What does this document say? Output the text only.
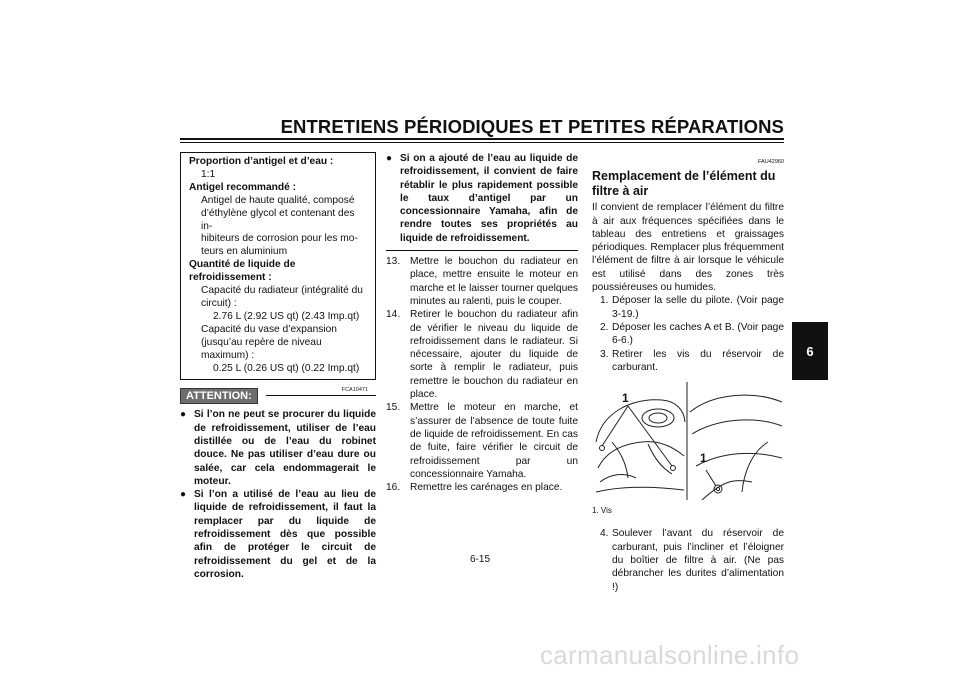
ENTRETIENS PÉRIODIQUES ET PETITES RÉPARATIONS
6
Proportion d’antigel et d’eau :
1:1
Antigel recommandé :
Antigel de haute qualité, composé
d’éthylène glycol et contenant des in-
hibiteurs de corrosion pour les mo-
teurs en aluminium
Quantité de liquide de
refroidissement :
Capacité du radiateur (intégralité du
circuit) :
2.76 L (2.92 US qt) (2.43 Imp.qt)
Capacité du vase d’expansion
(jusqu’au repère de niveau
maximum) :
0.25 L (0.26 US qt) (0.22 Imp.qt)
FCA10471
ATTENTION:
● Si l’on ne peut se procurer du liquide de refroidissement, utiliser de l’eau distillée ou de l’eau du robinet douce. Ne pas utiliser d’eau dure ou salée, car cela endommagerait le moteur.
● Si l’on a utilisé de l’eau au lieu de liquide de refroidissement, il faut la remplacer par du liquide de refroidissement dès que possible afin de protéger le circuit de refroidissement du gel et de la corrosion.
● Si on a ajouté de l’eau au liquide de refroidissement, il convient de faire rétablir le plus rapidement possible le taux d’antigel par un concessionnaire Yamaha, afin de rendre toutes ses propriétés au liquide de refroidissement.
13. Mettre le bouchon du radiateur en place, mettre ensuite le moteur en marche et le laisser tourner quelques minutes au ralenti, puis le couper.
14. Retirer le bouchon du radiateur afin de vérifier le niveau du liquide de refroidissement dans le radiateur. Si nécessaire, ajouter du liquide de sorte à remplir le radiateur, puis remettre le bouchon du radiateur en place.
15. Mettre le moteur en marche, et s’assurer de l’absence de toute fuite de liquide de refroidissement. En cas de fuite, faire vérifier le circuit de refroidissement par un concessionnaire Yamaha.
16. Remettre les carénages en place.
FAU42960
Remplacement de l’élément du filtre à air
Il convient de remplacer l’élément du filtre à air aux fréquences spécifiées dans le tableau des entretiens et graissages périodiques. Remplacer plus fréquemment l’élément de filtre à air lorsque le véhicule est utilisé dans des zones très poussiéreuses ou humides.
1. Déposer la selle du pilote. (Voir page 3-19.)
2. Déposer les caches A et B. (Voir page 6-6.)
3. Retirer les vis du réservoir de carburant.
1
1
1. Vis
4. Soulever l’avant du réservoir de carburant, puis l’incliner et l’éloigner du boîtier de filtre à air. (Ne pas débrancher les durites d’alimentation !)
6-15
carmanualsonline.info
